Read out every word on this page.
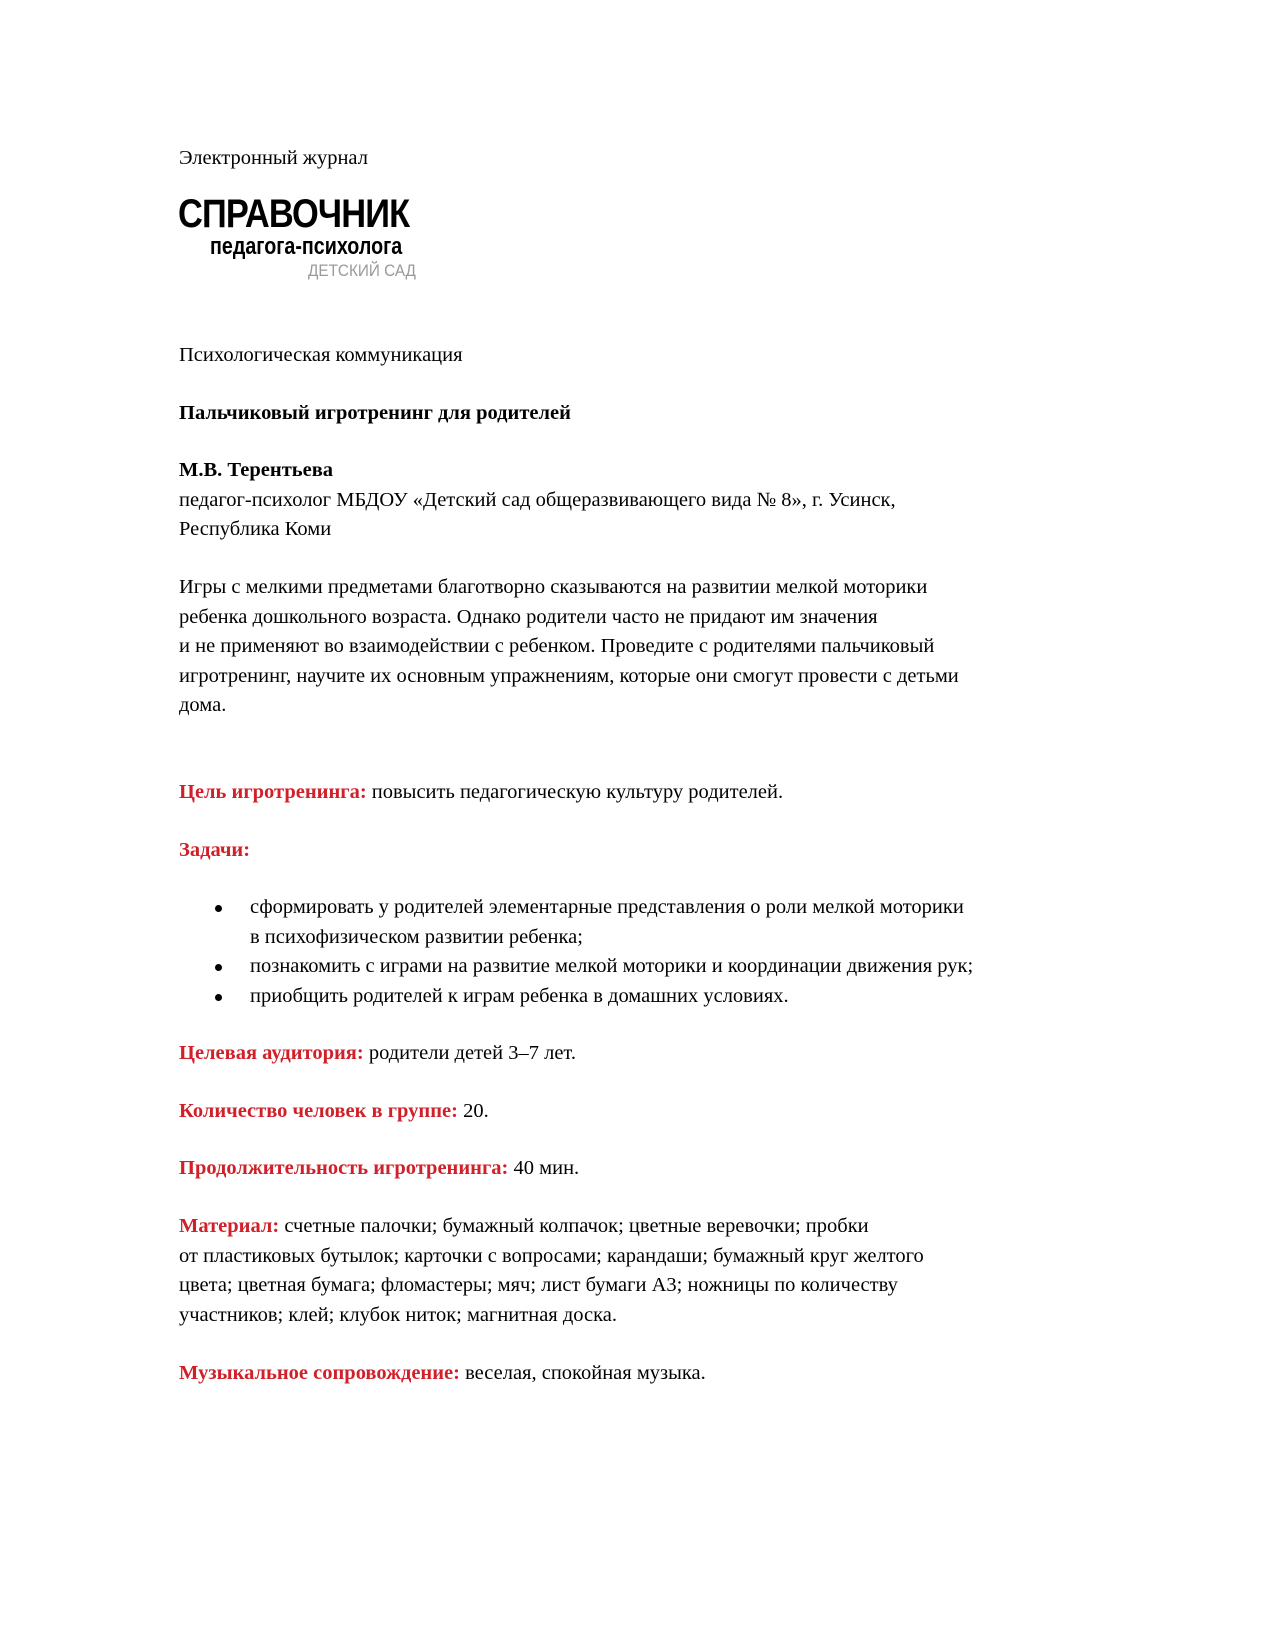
Электронный журнал
СПРАВОЧНИК
педагога-психолога
ДЕТСКИЙ САД
Психологическая коммуникация
Пальчиковый игротренинг для родителей
М.В. Терентьева
педагог-психолог МБДОУ «Детский сад общеразвивающего вида № 8», г. Усинск,
Республика Коми
Игры с мелкими предметами благотворно сказываются на развитии мелкой моторики
ребенка дошкольного возраста. Однако родители часто не придают им значения
и не применяют во взаимодействии с ребенком. Проведите с родителями пальчиковый
игротренинг, научите их основным упражнениям, которые они смогут провести с детьми
дома.
Цель игротренинга: повысить педагогическую культуру родителей.
Задачи:
сформировать у родителей элементарные представления о роли мелкой моторики
в психофизическом развитии ребенка;
познакомить с играми на развитие мелкой моторики и координации движения рук;
приобщить родителей к играм ребенка в домашних условиях.
Целевая аудитория: родители детей 3–7 лет.
Количество человек в группе: 20.
Продолжительность игротренинга: 40 мин.
Материал: счетные палочки; бумажный колпачок; цветные веревочки; пробки
от пластиковых бутылок; карточки с вопросами; карандаши; бумажный круг желтого
цвета; цветная бумага; фломастеры; мяч; лист бумаги А3; ножницы по количеству
участников; клей; клубок ниток; магнитная доска.
Музыкальное сопровождение: веселая, спокойная музыка.
